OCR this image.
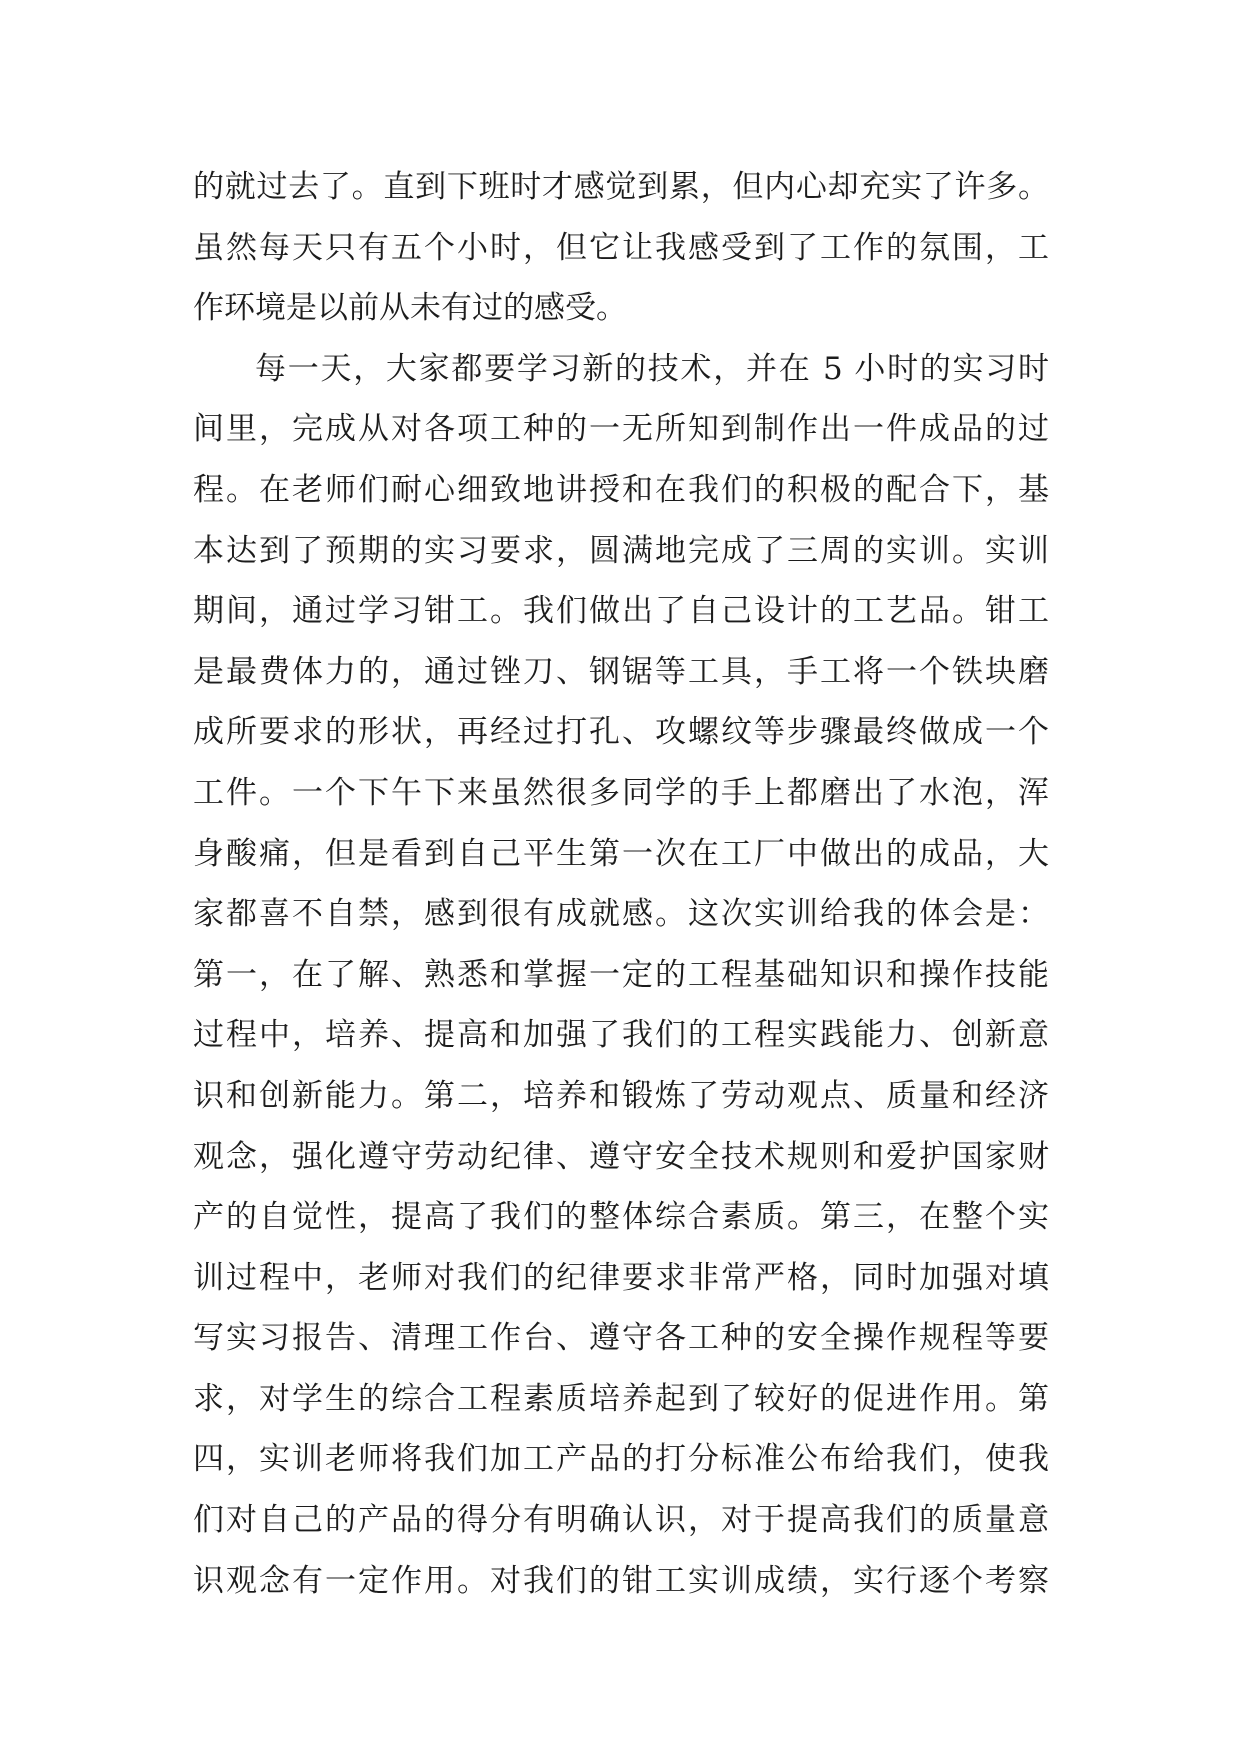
的就过去了。直到下班时才感觉到累，但内心却充实了许多。
虽然每天只有五个小时，但它让我感受到了工作的氛围，工
作环境是以前从未有过的感受。
每一天，大家都要学习新的技术，并在 5 小时的实习时
间里，完成从对各项工种的一无所知到制作出一件成品的过
程。在老师们耐心细致地讲授和在我们的积极的配合下，基
本达到了预期的实习要求，圆满地完成了三周的实训。实训
期间，通过学习钳工。我们做出了自己设计的工艺品。钳工
是最费体力的，通过锉刀、钢锯等工具，手工将一个铁块磨
成所要求的形状，再经过打孔、攻螺纹等步骤最终做成一个
工件。一个下午下来虽然很多同学的手上都磨出了水泡，浑
身酸痛，但是看到自己平生第一次在工厂中做出的成品，大
家都喜不自禁，感到很有成就感。这次实训给我的体会是：
第一，在了解、熟悉和掌握一定的工程基础知识和操作技能
过程中，培养、提高和加强了我们的工程实践能力、创新意
识和创新能力。第二，培养和锻炼了劳动观点、质量和经济
观念，强化遵守劳动纪律、遵守安全技术规则和爱护国家财
产的自觉性，提高了我们的整体综合素质。第三，在整个实
训过程中，老师对我们的纪律要求非常严格，同时加强对填
写实习报告、清理工作台、遵守各工种的安全操作规程等要
求，对学生的综合工程素质培养起到了较好的促进作用。第
四，实训老师将我们加工产品的打分标准公布给我们，使我
们对自己的产品的得分有明确认识，对于提高我们的质量意
识观念有一定作用。对我们的钳工实训成绩，实行逐个考察
